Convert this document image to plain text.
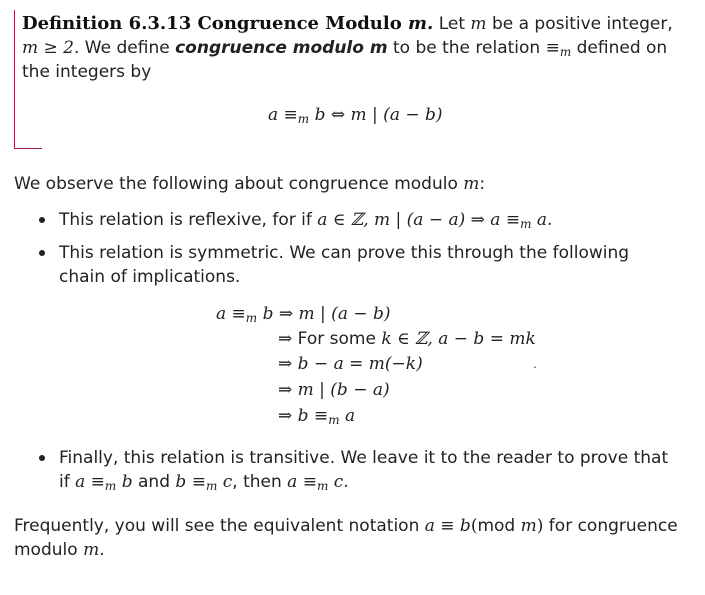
Definition 6.3.13 Congruence Modulo m. Let m be a positive integer,
m ≥ 2. We define congruence modulo m to be the relation $\equiv_m$ defined on the integers by
$a \equiv_m$ b ⇔ m | (a − b)
We observe the following about congruence modulo m:
This relation is reflexive, for if a ∈ ℤ, m | (a − a) ⇒ $a \equiv_m$ a.
This relation is symmetric. We can prove this through the following chain of implications.
$a \equiv_m$ b ⇒ m | (a − b)
⇒ For some k ∈ ℤ, a − b = mk
⇒ b − a = m(−k)	.
⇒ m | (b − a)
⇒ $b \equiv_m$ a
Finally, this relation is transitive. We leave it to the reader to prove that if $a \equiv_m$ b and $b \equiv_m$ c, then $a \equiv_m$ c.
Frequently, you will see the equivalent notation a ≡ b(mod m) for congruence modulo m.
